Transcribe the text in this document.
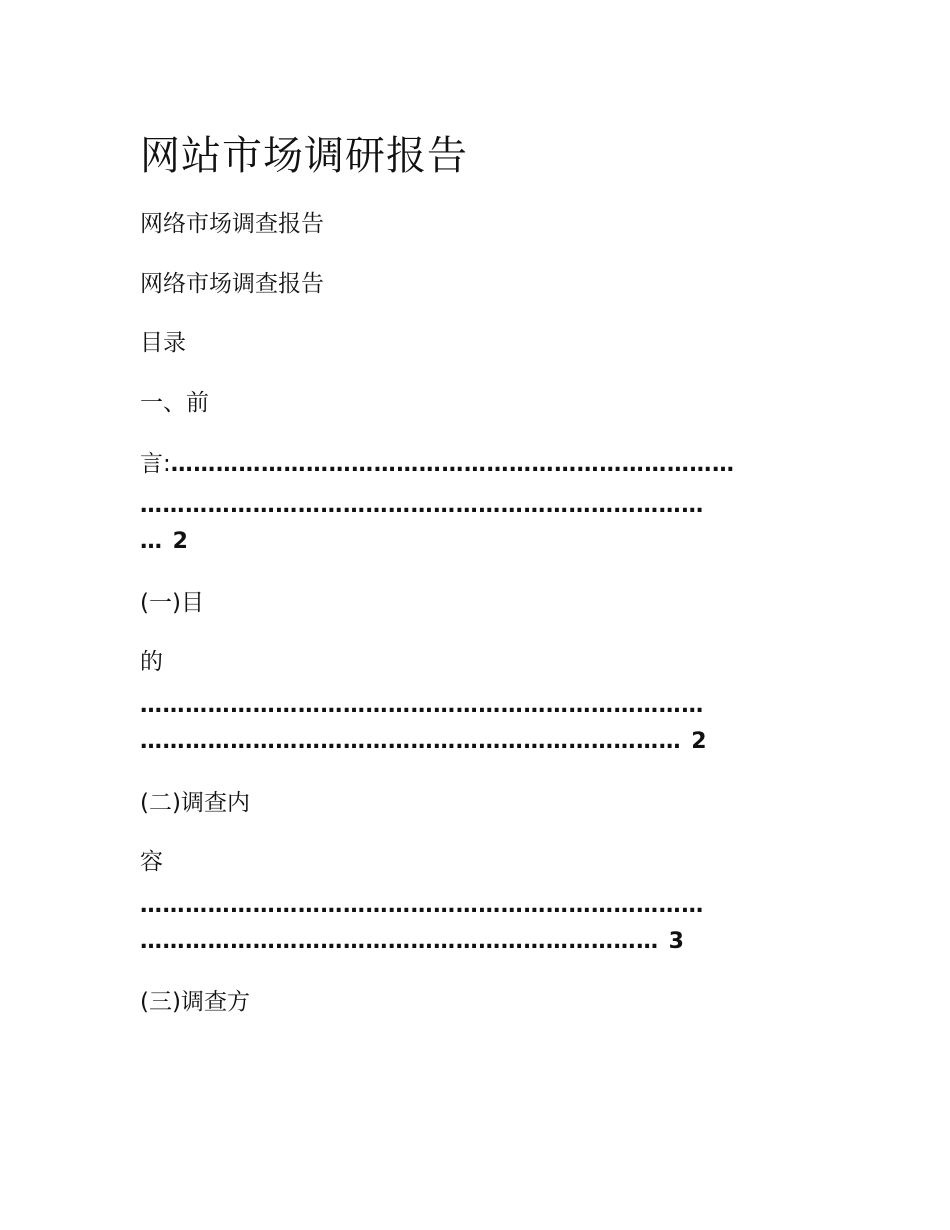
网站市场调研报告
网络市场调查报告
网络市场调查报告
目录
一、前
言:…………………………………………………………………
…………………………………………………………………
… 2
(一)目
的
…………………………………………………………………
……………………………………………………………… 2
(二)调查内
容
…………………………………………………………………
…………………………………………………………… 3
(三)调查方
